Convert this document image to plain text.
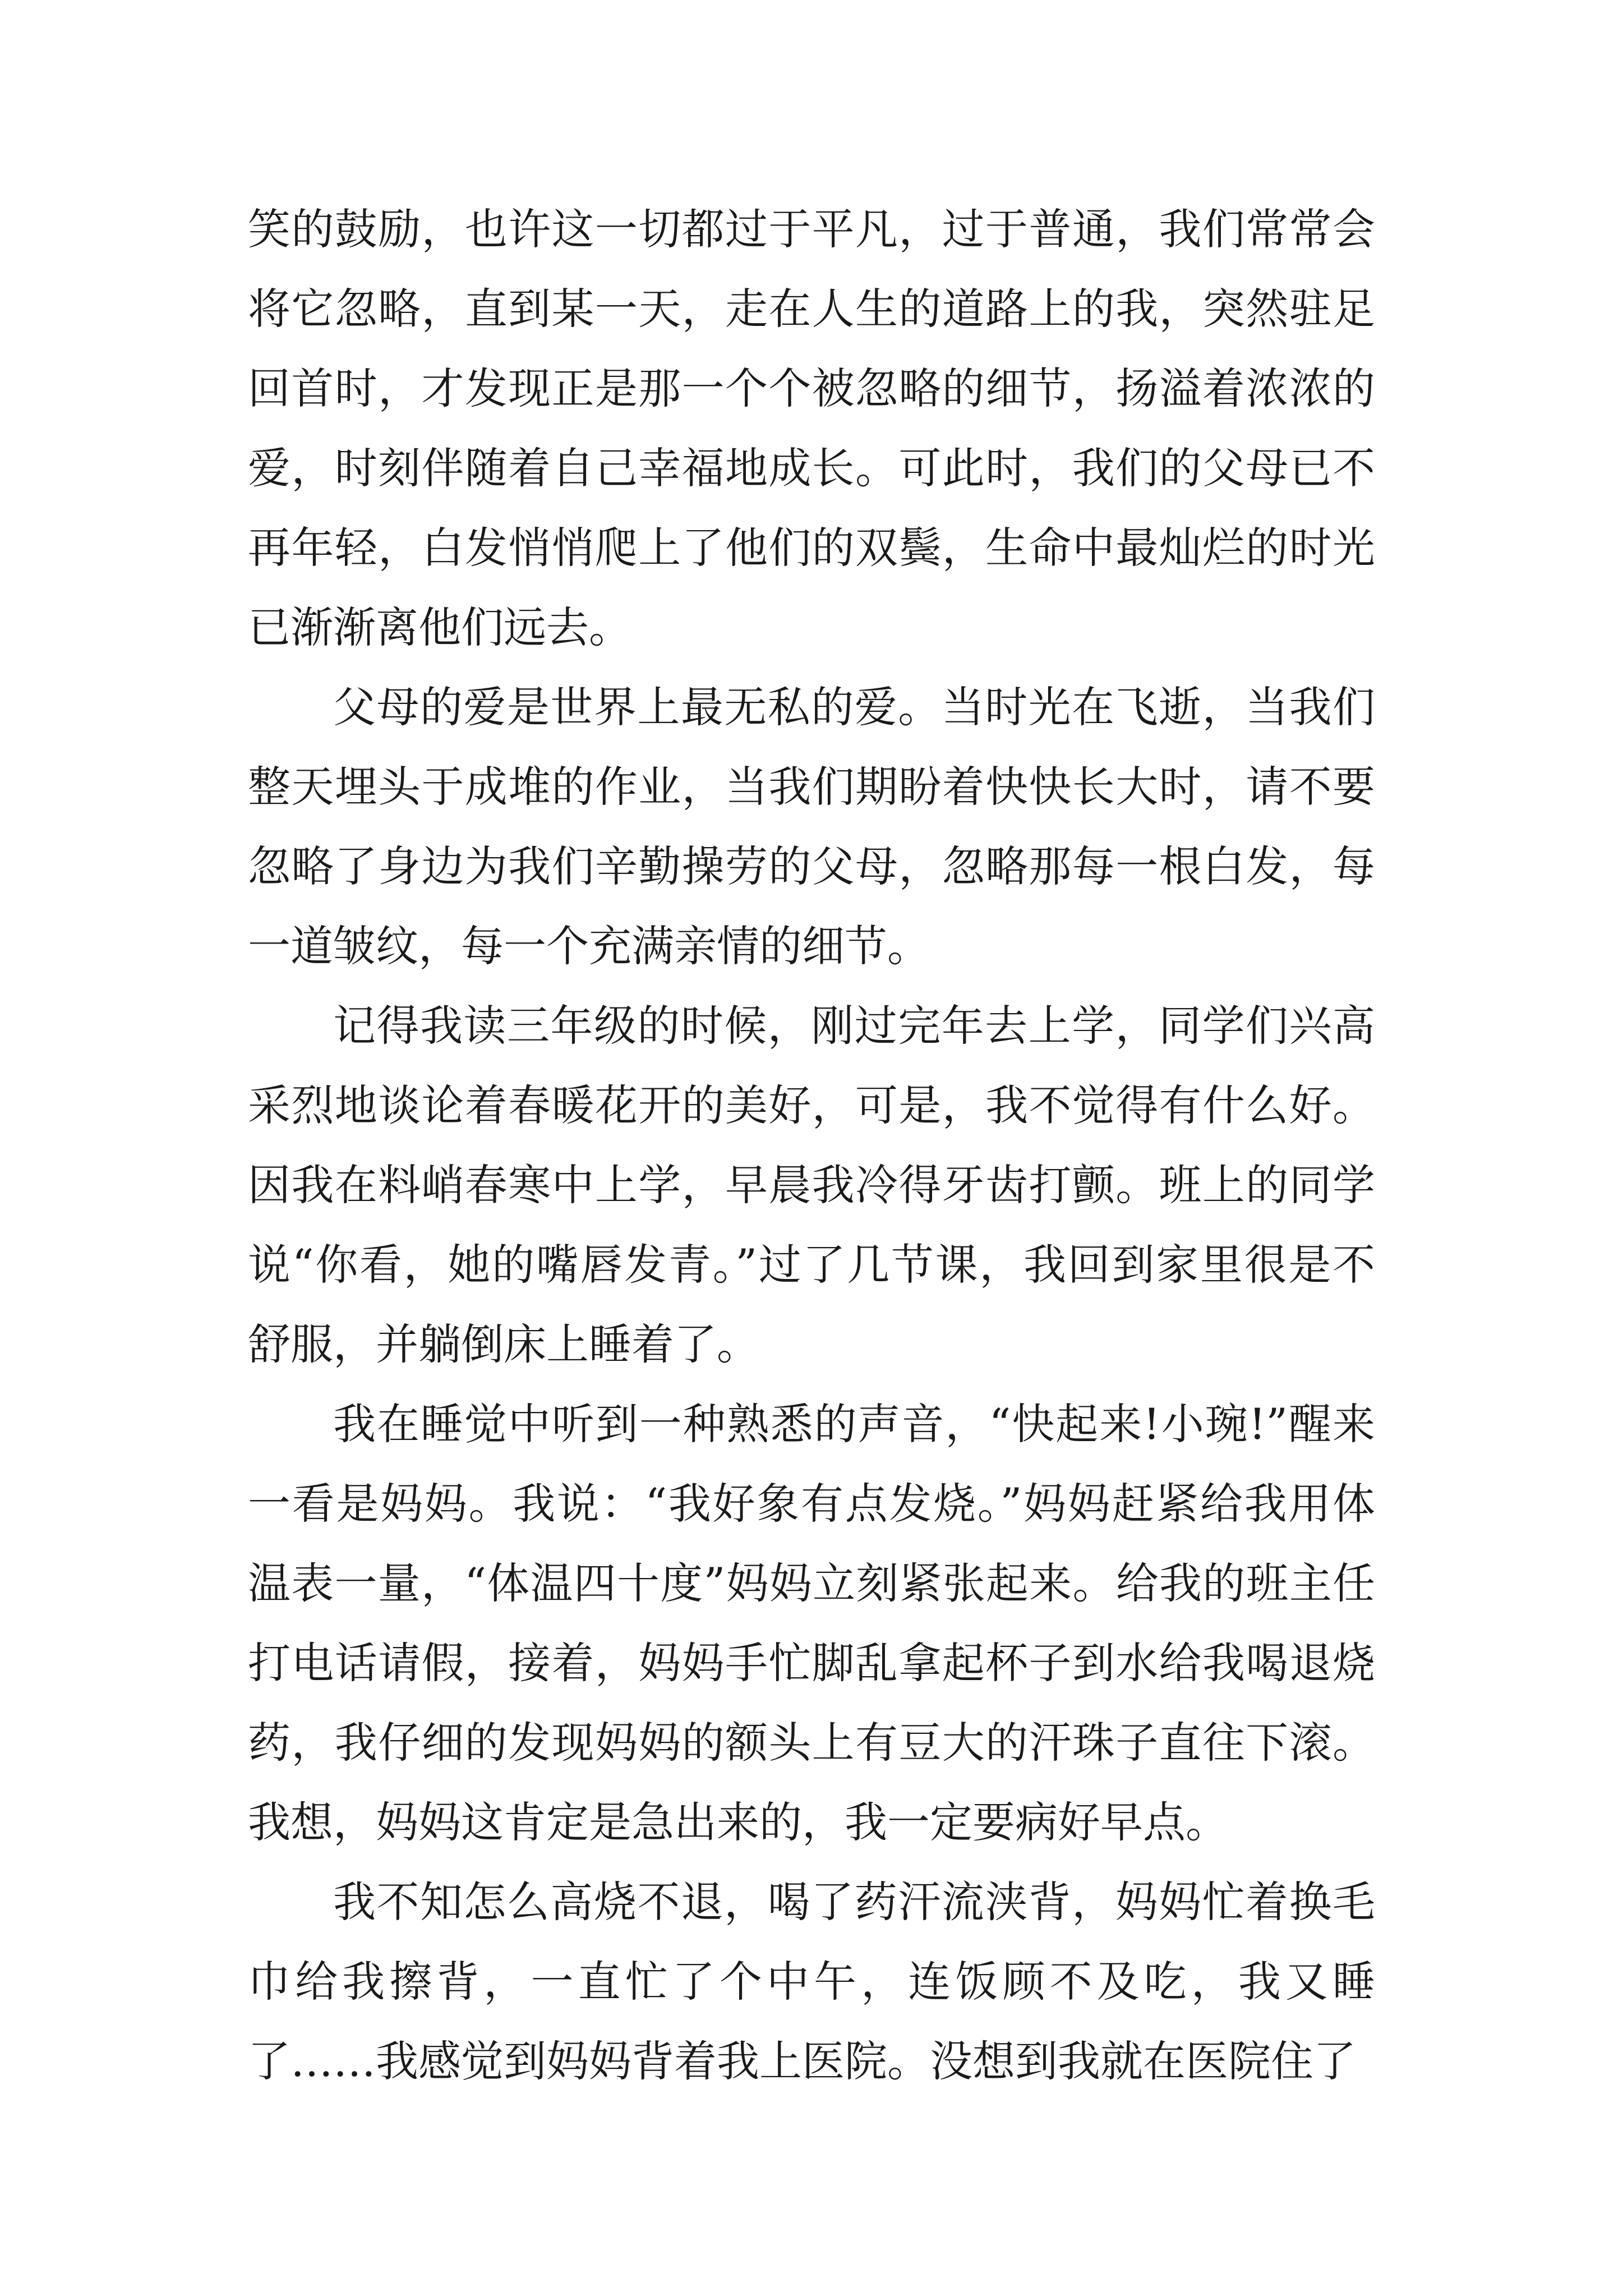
笑的鼓励，也许这一切都过于平凡，过于普通，我们常常会将它忽略，直到某一天，走在人生的道路上的我，突然驻足回首时，才发现正是那一个个被忽略的细节，扬溢着浓浓的爱，时刻伴随着自己幸福地成长。可此时，我们的父母已不再年轻，白发悄悄爬上了他们的双鬓，生命中最灿烂的时光已渐渐离他们远去。

父母的爱是世界上最无私的爱。当时光在飞逝，当我们整天埋头于成堆的作业，当我们期盼着快快长大时，请不要忽略了身边为我们辛勤操劳的父母，忽略那每一根白发，每一道皱纹，每一个充满亲情的细节。

记得我读三年级的时候，刚过完年去上学，同学们兴高采烈地谈论着春暖花开的美好，可是，我不觉得有什么好。因我在料峭春寒中上学，早晨我冷得牙齿打颤。班上的同学说“你看，她的嘴唇发青。”过了几节课，我回到家里很是不舒服，并躺倒床上睡着了。

我在睡觉中听到一种熟悉的声音，“快起来!小琬!”醒来一看是妈妈。我说：“我好象有点发烧。”妈妈赶紧给我用体温表一量，“体温四十度”妈妈立刻紧张起来。给我的班主任打电话请假，接着，妈妈手忙脚乱拿起杯子到水给我喝退烧药，我仔细的发现妈妈的额头上有豆大的汗珠子直往下滚。我想，妈妈这肯定是急出来的，我一定要病好早点。

我不知怎么高烧不退，喝了药汗流浃背，妈妈忙着换毛巾给我擦背，一直忙了个中午，连饭顾不及吃，我又睡了……我感觉到妈妈背着我上医院。没想到我就在医院住了
